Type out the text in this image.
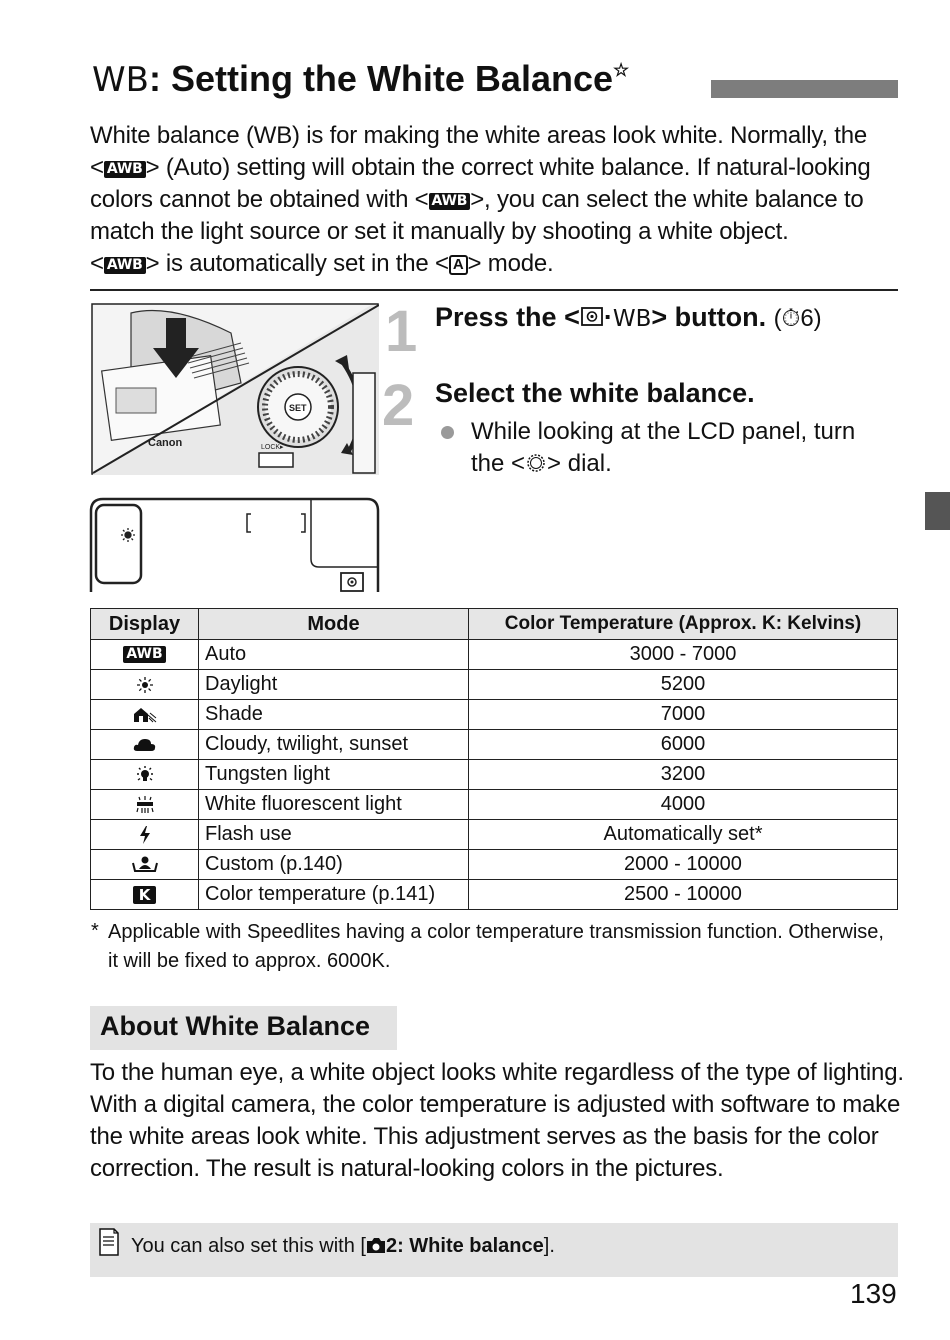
WB: Setting the White Balance☆
White balance (WB) is for making the white areas look white. Normally, the
< AWB > (Auto) setting will obtain the correct white balance. If natural-looking
colors cannot be obtained with < AWB >, you can select the white balance to
match the light source or set it manually by shooting a white object.
< AWB > is automatically set in the < A > mode.
Canon
SET
LOCK▸
1 Press the < ·WB> button. (⏱6)
2 Select the white balance.
While looking at the LCD panel, turn
the < > dial.
Display	Mode	Color Temperature (Approx. K: Kelvins)
AWB	Auto	3000 - 7000
	Daylight	5200
	Shade	7000
	Cloudy, twilight, sunset	6000
	Tungsten light	3200
	White fluorescent light	4000
	Flash use	Automatically set*
	Custom (p.140)	2000 - 10000
K	Color temperature (p.141)	2500 - 10000
* Applicable with Speedlites having a color temperature transmission function. Otherwise, it will be fixed to approx. 6000K.
About White Balance
To the human eye, a white object looks white regardless of the type of lighting. With a digital camera, the color temperature is adjusted with software to make the white areas look white. This adjustment serves as the basis for the color correction. The result is natural-looking colors in the pictures.
You can also set this with [ 2: White balance].
139
